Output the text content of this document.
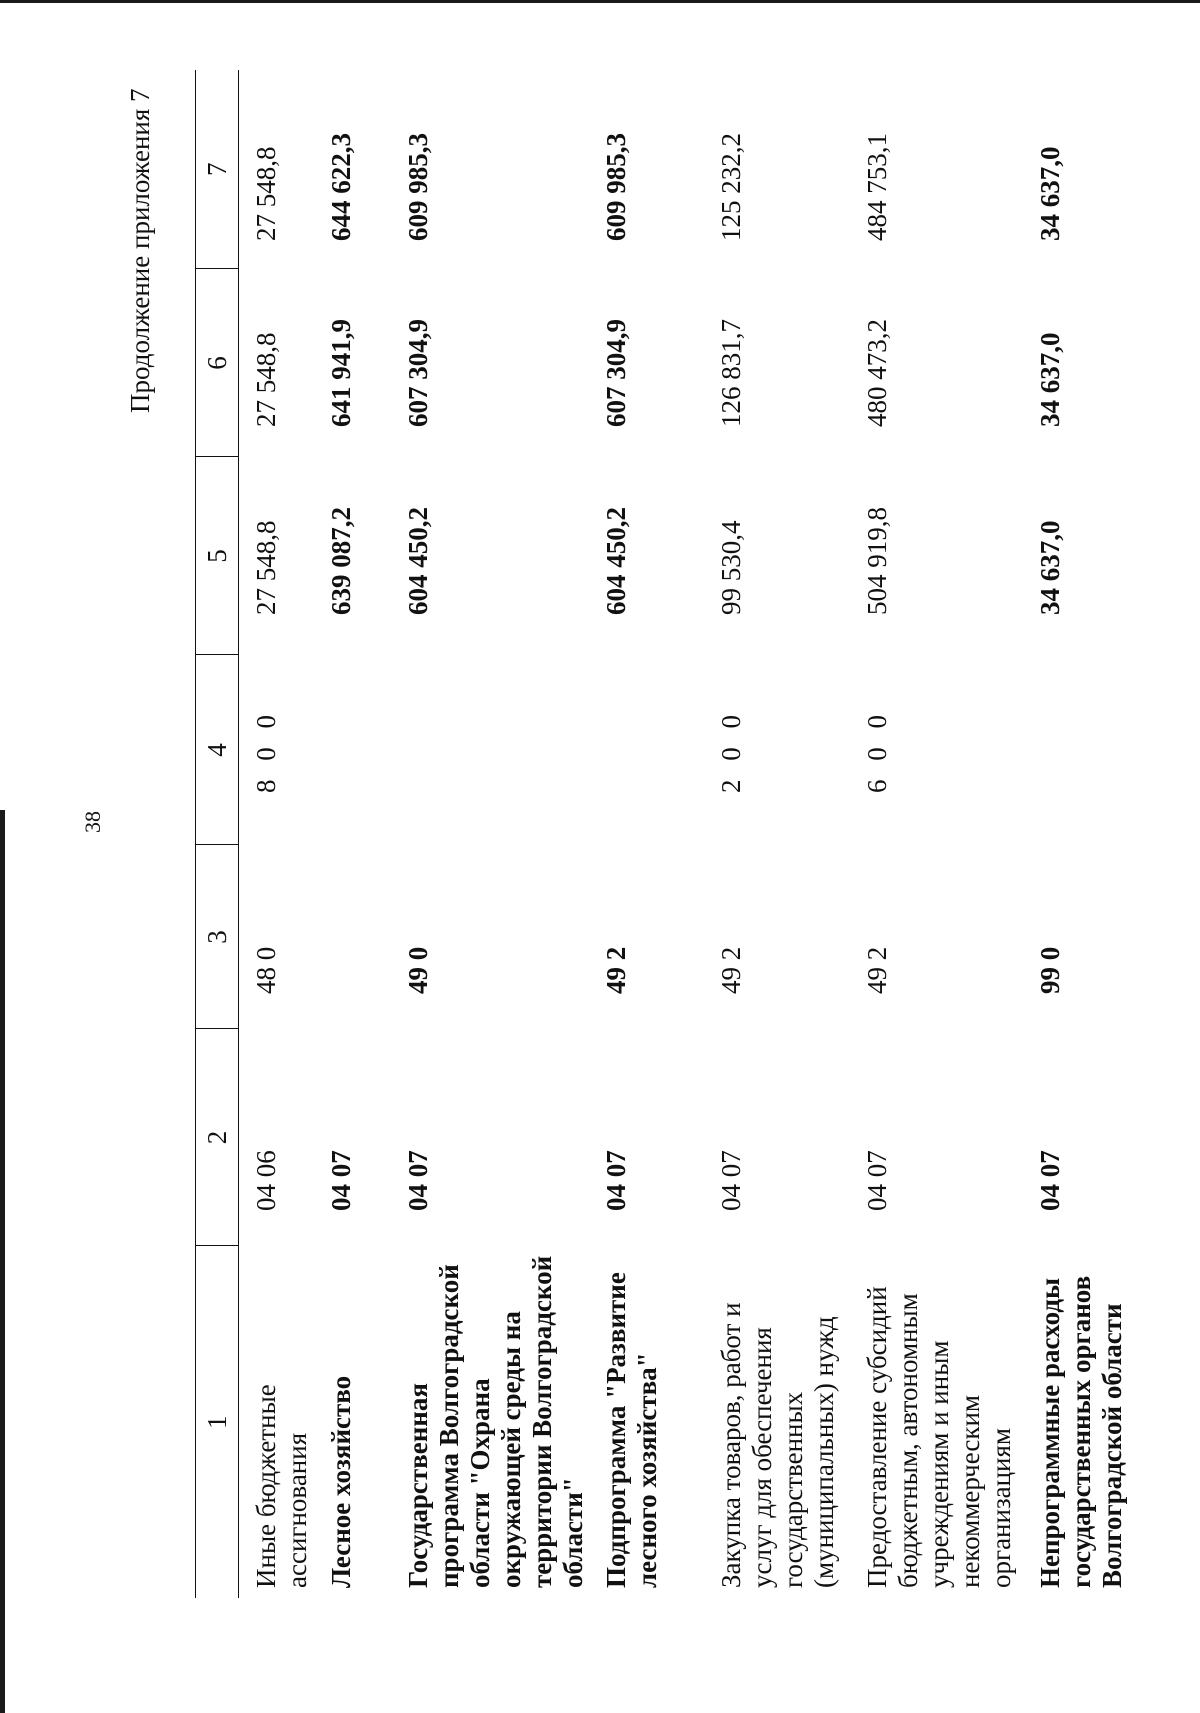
38
Продолжение приложения 7
1	2	3	4	5	6	7
Иные бюджетные ассигнования	04 06	48 0	8 0 0	27 548,8	27 548,8	27 548,8
Лесное хозяйство	04 07			639 087,2	641 941,9	644 622,3
Государственная программа Волгоградской области "Охрана окружающей среды на территории Волгоградской области"	04 07	49 0		604 450,2	607 304,9	609 985,3
Подпрограмма "Развитие лесного хозяйства"	04 07	49 2		604 450,2	607 304,9	609 985,3
Закупка товаров, работ и услуг для обеспечения государственных (муниципальных) нужд	04 07	49 2	2 0 0	99 530,4	126 831,7	125 232,2
Предоставление субсидий бюджетным, автономным учреждениям и иным некоммерческим организациям	04 07	49 2	6 0 0	504 919,8	480 473,2	484 753,1
Непрограммные расходы государственных органов Волгоградской области	04 07	99 0		34 637,0	34 637,0	34 637,0
